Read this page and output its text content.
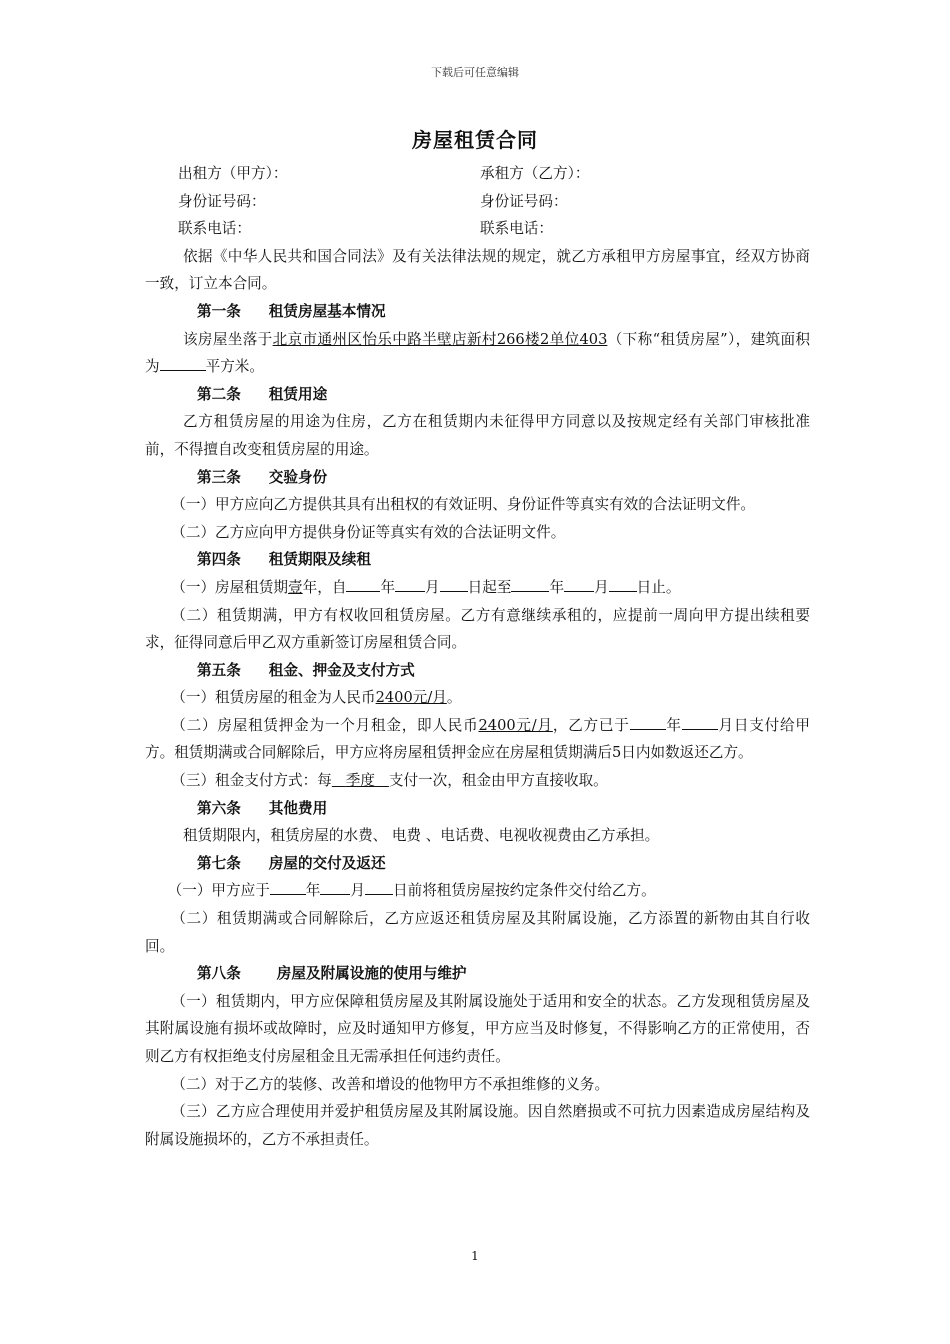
下载后可任意编辑
房屋租赁合同
出租方（甲方）：	承租方（乙方）：
身份证号码：	身份证号码：
联系电话：	联系电话：

依据《中华人民共和国合同法》及有关法律法规的规定，就乙方承租甲方房屋事宜，经双方协商一致，订立本合同。

第一条 租赁房屋基本情况

该房屋坐落于北京市通州区怡乐中路半壁店新村266楼2单位403（下称“租赁房屋”），建筑面积为	平方米。

第二条 租赁用途

乙方租赁房屋的用途为住房，乙方在租赁期内未征得甲方同意以及按规定经有关部门审核批准前，不得擅自改变租赁房屋的用途。

第三条 交验身份

（一）甲方应向乙方提供其具有出租权的有效证明、身份证件等真实有效的合法证明文件。

（二）乙方应向甲方提供身份证等真实有效的合法证明文件。

第四条 租赁期限及续租

（一）房屋租赁期壹年，自 年 月 日起至	年 月 日止。

（二）租赁期满，甲方有权收回租赁房屋。乙方有意继续承租的，应提前一周向甲方提出续租要求，征得同意后甲乙双方重新签订房屋租赁合同。

第五条 租金、押金及支付方式

（一）租赁房屋的租金为人民币2400元/月。

（二）房屋租赁押金为一个月租金，即人民币2400元/月，乙方已于 年 月日支付给甲方。租赁期满或合同解除后，甲方应将房屋租赁押金应在房屋租赁期满后5日内如数返还乙方。

（三）租金支付方式：每 季度 支付一次，租金由甲方直接收取。

第六条 其他费用

租赁期限内，租赁房屋的水费、 电费 、电话费、电视收视费由乙方承担。

第七条 房屋的交付及返还

（一）甲方应于 年 月 日前将租赁房屋按约定条件交付给乙方。

（二）租赁期满或合同解除后，乙方应返还租赁房屋及其附属设施，乙方添置的新物由其自行收回。

第八条 房屋及附属设施的使用与维护

（一）租赁期内，甲方应保障租赁房屋及其附属设施处于适用和安全的状态。乙方发现租赁房屋及其附属设施有损坏或故障时，应及时通知甲方修复，甲方应当及时修复，不得影响乙方的正常使用，否则乙方有权拒绝支付房屋租金且无需承担任何违约责任。

（二）对于乙方的装修、改善和增设的他物甲方不承担维修的义务。

（三）乙方应合理使用并爱护租赁房屋及其附属设施。因自然磨损或不可抗力因素造成房屋结构及附属设施损坏的，乙方不承担责任。

1
